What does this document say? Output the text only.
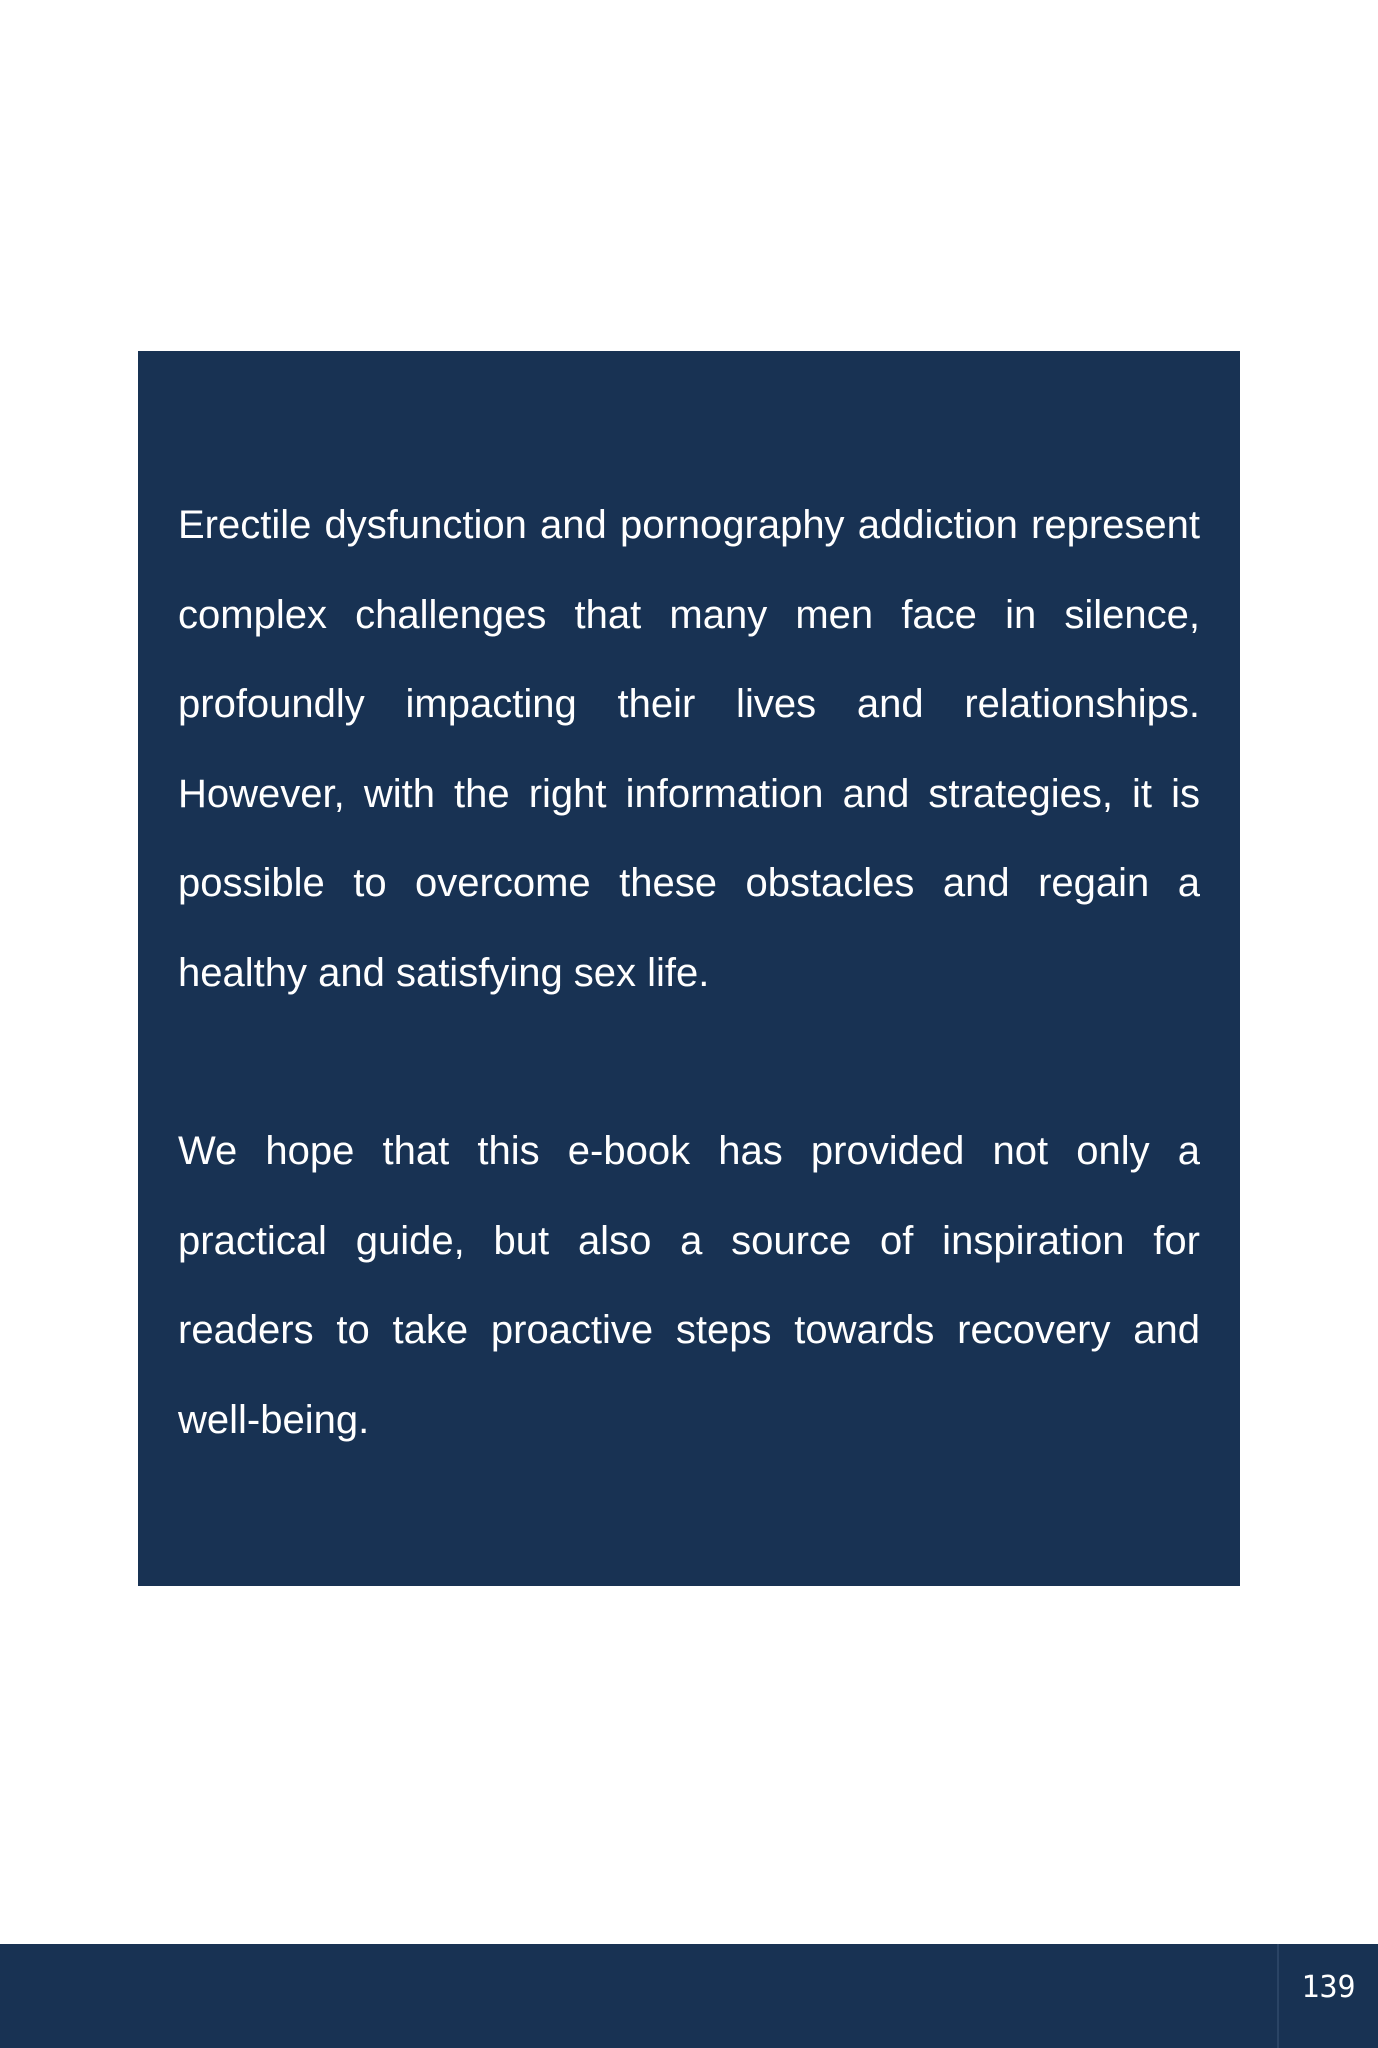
Erectile dysfunction and pornography addiction represent complex challenges that many men face in silence, profoundly impacting their lives and relationships. However, with the right information and strategies, it is possible to overcome these obstacles and regain a healthy and satisfying sex life.

We hope that this e-book has provided not only a practical guide, but also a source of inspiration for readers to take proactive steps towards recovery and well-being.

139
